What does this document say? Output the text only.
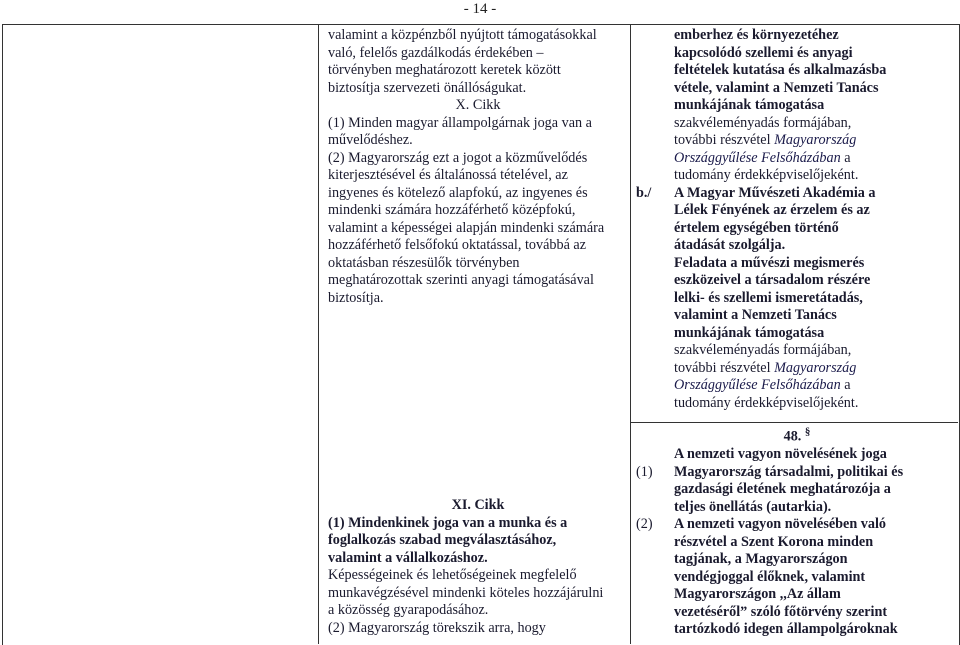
- 14 -

valamint a közpénzből nyújtott támogatásokkal

való, felelős gazdálkodás érdekében –

törvényben meghatározott keretek között

biztosítja szervezeti önállóságukat.

X. Cikk

(1) Minden magyar állampolgárnak joga van a

művelődéshez.

(2) Magyarország ezt a jogot a közművelődés

kiterjesztésével és általánossá tételével, az

ingyenes és kötelező alapfokú, az ingyenes és

mindenki számára hozzáférhető középfokú,

valamint a képességei alapján mindenki számára

hozzáférhető felsőfokú oktatással, továbbá az

oktatásban részesülők törvényben

meghatározottak szerinti anyagi támogatásával

biztosítja.

XI. Cikk

(1) Mindenkinek joga van a munka és a

foglalkozás szabad megválasztásához,

valamint a vállalkozáshoz.

Képességeinek és lehetőségeinek megfelelő

munkavégzésével mindenki köteles hozzájárulni

a közösség gyarapodásához.

(2) Magyarország törekszik arra, hogy

emberhez és környezetéhez

kapcsolódó szellemi és anyagi

feltételek kutatása és alkalmazásba

vétele, valamint a Nemzeti Tanács

munkájának támogatása

szakvéleményadás formájában,

további részvétel Magyarország

Országgyűlése Felsőházában a

tudomány érdekképviselőjeként.

b./	A Magyar Művészeti Akadémia a

Lélek Fényének az érzelem és az

értelem egységében történő

átadását szolgálja.

Feladata a művészi megismerés

eszközeivel a társadalom részére

lelki- és szellemi ismeretátadás,

valamint a Nemzeti Tanács

munkájának támogatása

szakvéleményadás formájában,

további részvétel Magyarország

Országgyűlése Felsőházában a

tudomány érdekképviselőjeként.

48. §

A nemzeti vagyon növelésének joga

(1)	Magyarország társadalmi, politikai és

gazdasági életének meghatározója a

teljes önellátás (autarkia).

(2)	A nemzeti vagyon növelésében való

részvétel a Szent Korona minden

tagjának, a Magyarországon

vendégjoggal élőknek, valamint

Magyarországon ,,Az állam

vezetéséről” szóló főtörvény szerint

tartózkodó idegen állampolgároknak
